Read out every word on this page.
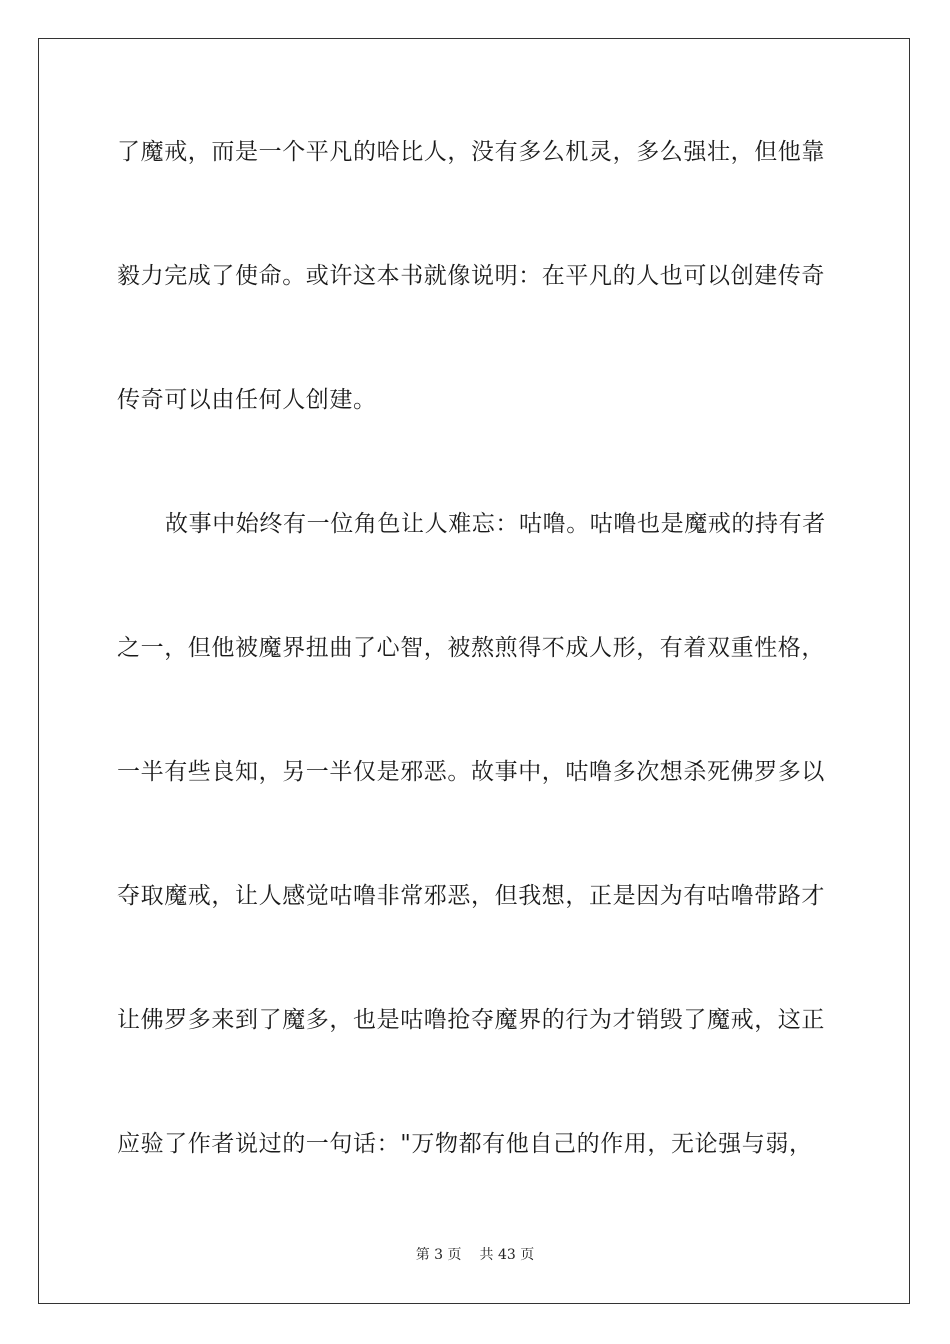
了魔戒，而是一个平凡的哈比人，没有多么机灵，多么强壮，但他靠
毅力完成了使命。或许这本书就像说明：在平凡的人也可以创建传奇
传奇可以由任何人创建。
故事中始终有一位角色让人难忘：咕噜。咕噜也是魔戒的持有者
之一，但他被魔界扭曲了心智，被熬煎得不成人形，有着双重性格，
一半有些良知，另一半仅是邪恶。故事中，咕噜多次想杀死佛罗多以
夺取魔戒，让人感觉咕噜非常邪恶，但我想，正是因为有咕噜带路才
让佛罗多来到了魔多，也是咕噜抢夺魔界的行为才销毁了魔戒，这正
应验了作者说过的一句话："万物都有他自己的作用，无论强与弱，
第 3 页 共 43 页
